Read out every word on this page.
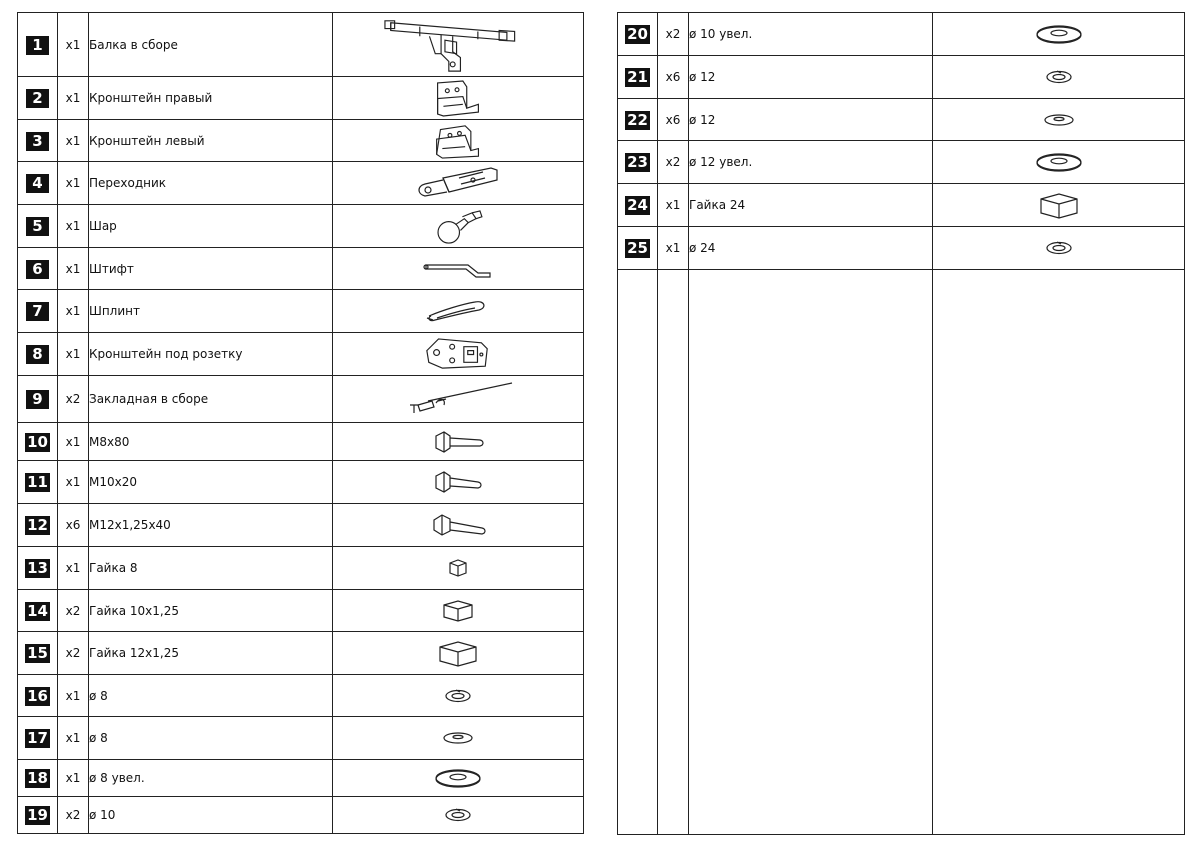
1	x1	Балка в сборе	
2	x1	Кронштейн правый	
3	x1	Кронштейн левый	
4	x1	Переходник	
5	x1	Шар	
6	x1	Штифт	
7	x1	Шплинт	
8	x1	Кронштейн под розетку	
9	x2	Закладная в сборе	
10	x1	М8х80	
11	x1	М10х20	
12	x6	М12х1,25х40	
13	x1	Гайка 8	
14	x2	Гайка 10х1,25	
15	x2	Гайка 12х1,25	
16	x1	ø 8	
17	x1	ø 8	
18	x1	ø 8 увел.	
19	x2	ø 10	
20	x2	ø 10 увел.	
21	x6	ø 12	
22	x6	ø 12	
23	x2	ø 12 увел.	
24	x1	Гайка 24	
25	x1	ø 24	
